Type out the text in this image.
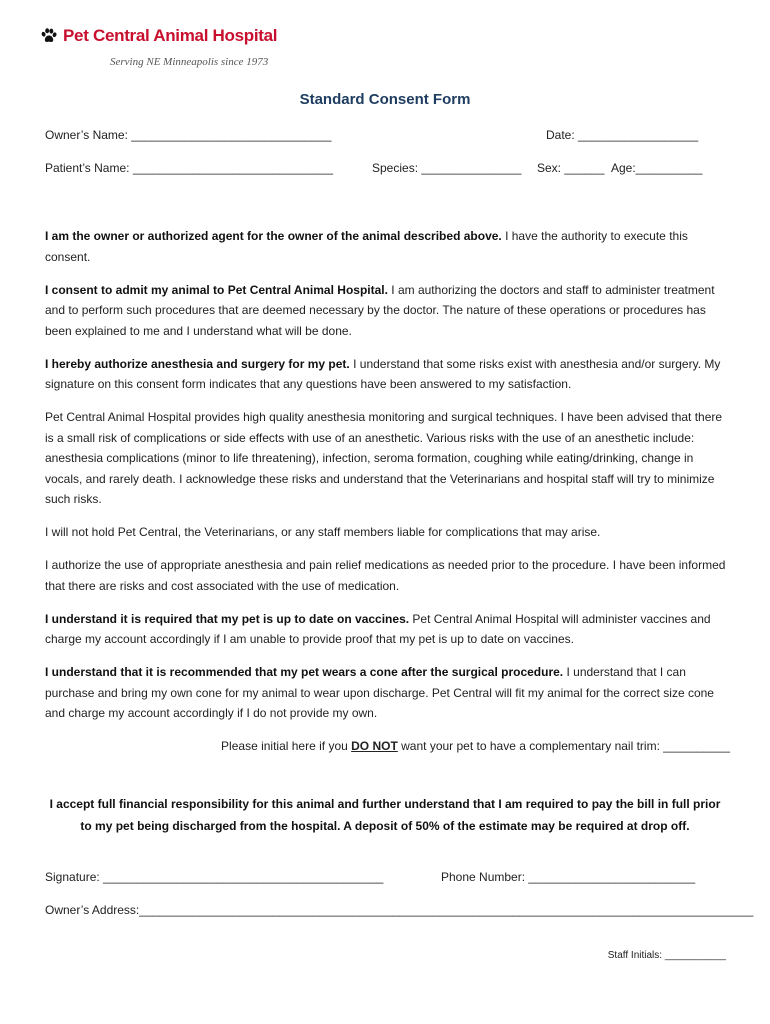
Pet Central Animal Hospital
Serving NE Minneapolis since 1973
Standard Consent Form
Owner’s Name: ______________________________	Date: __________________
Patient’s Name: ______________________________	Species: _______________ Sex: ______ Age:__________

I am the owner or authorized agent for the owner of the animal described above. I have the authority to execute this consent.

I consent to admit my animal to Pet Central Animal Hospital. I am authorizing the doctors and staff to administer treatment and to perform such procedures that are deemed necessary by the doctor. The nature of these operations or procedures has been explained to me and I understand what will be done.

I hereby authorize anesthesia and surgery for my pet. I understand that some risks exist with anesthesia and/or surgery. My signature on this consent form indicates that any questions have been answered to my satisfaction.

Pet Central Animal Hospital provides high quality anesthesia monitoring and surgical techniques. I have been advised that there is a small risk of complications or side effects with use of an anesthetic. Various risks with the use of an anesthetic include: anesthesia complications (minor to life threatening), infection, seroma formation, coughing while eating/drinking, change in vocals, and rarely death. I acknowledge these risks and understand that the Veterinarians and hospital staff will try to minimize such risks.

I will not hold Pet Central, the Veterinarians, or any staff members liable for complications that may arise.

I authorize the use of appropriate anesthesia and pain relief medications as needed prior to the procedure. I have been informed that there are risks and cost associated with the use of medication.

I understand it is required that my pet is up to date on vaccines. Pet Central Animal Hospital will administer vaccines and charge my account accordingly if I am unable to provide proof that my pet is up to date on vaccines.

I understand that it is recommended that my pet wears a cone after the surgical procedure. I understand that I can purchase and bring my own cone for my animal to wear upon discharge. Pet Central will fit my animal for the correct size cone and charge my account accordingly if I do not provide my own.

Please initial here if you DO NOT want your pet to have a complementary nail trim: __________

I accept full financial responsibility for this animal and further understand that I am required to pay the bill in full prior to my pet being discharged from the hospital. A deposit of 50% of the estimate may be required at drop off.
Signature: __________________________________________	Phone Number: _________________________
Owner’s Address:____________________________________________________________________________________________
Staff Initials: ___________
